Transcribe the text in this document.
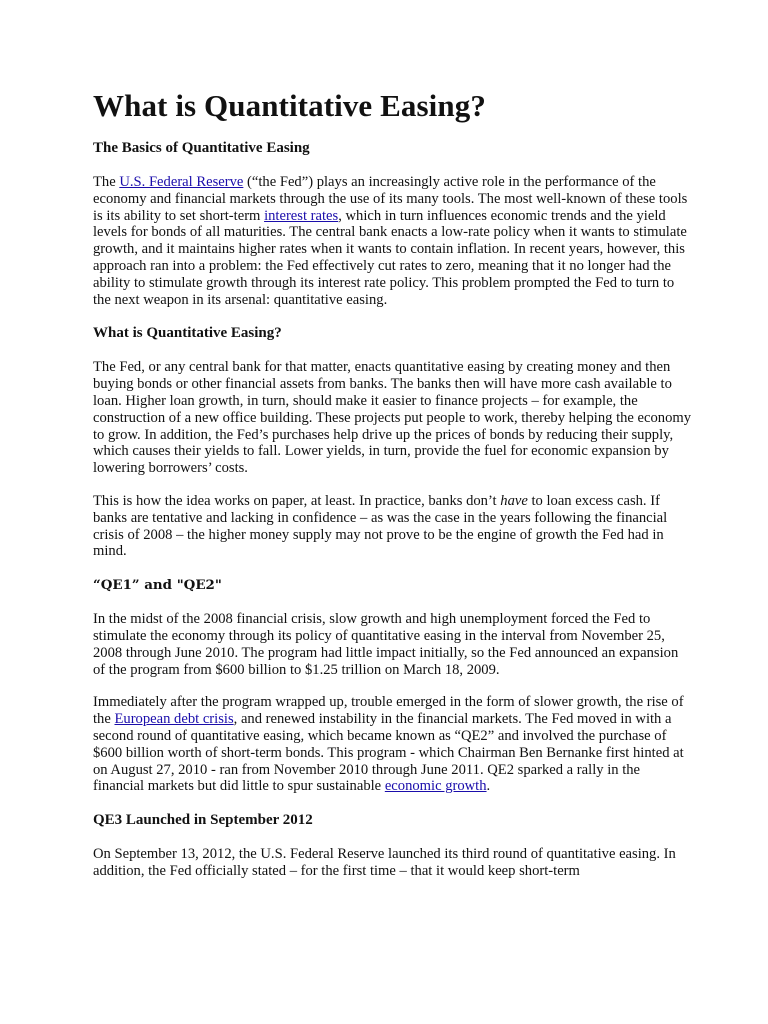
What is Quantitative Easing?
The Basics of Quantitative Easing

The U.S. Federal Reserve (“the Fed”) plays an increasingly active role in the performance of the economy and financial markets through the use of its many tools. The most well-known of these tools is its ability to set short-term interest rates, which in turn influences economic trends and the yield levels for bonds of all maturities. The central bank enacts a low-rate policy when it wants to stimulate growth, and it maintains higher rates when it wants to contain inflation. In recent years, however, this approach ran into a problem: the Fed effectively cut rates to zero, meaning that it no longer had the ability to stimulate growth through its interest rate policy. This problem prompted the Fed to turn to the next weapon in its arsenal: quantitative easing.

What is Quantitative Easing?

The Fed, or any central bank for that matter, enacts quantitative easing by creating money and then buying bonds or other financial assets from banks. The banks then will have more cash available to loan. Higher loan growth, in turn, should make it easier to finance projects – for example, the construction of a new office building. These projects put people to work, thereby helping the economy to grow. In addition, the Fed’s purchases help drive up the prices of bonds by reducing their supply, which causes their yields to fall. Lower yields, in turn, provide the fuel for economic expansion by lowering borrowers’ costs.

This is how the idea works on paper, at least. In practice, banks don’t have to loan excess cash. If banks are tentative and lacking in confidence – as was the case in the years following the financial crisis of 2008 – the higher money supply may not prove to be the engine of growth the Fed had in mind.

“QE1” and "QE2"

In the midst of the 2008 financial crisis, slow growth and high unemployment forced the Fed to stimulate the economy through its policy of quantitative easing in the interval from November 25, 2008 through June 2010. The program had little impact initially, so the Fed announced an expansion of the program from $600 billion to $1.25 trillion on March 18, 2009.

Immediately after the program wrapped up, trouble emerged in the form of slower growth, the rise of the European debt crisis, and renewed instability in the financial markets. The Fed moved in with a second round of quantitative easing, which became known as “QE2” and involved the purchase of $600 billion worth of short-term bonds. This program - which Chairman Ben Bernanke first hinted at on August 27, 2010 - ran from November 2010 through June 2011. QE2 sparked a rally in the financial markets but did little to spur sustainable economic growth.

QE3 Launched in September 2012

On September 13, 2012, the U.S. Federal Reserve launched its third round of quantitative easing. In addition, the Fed officially stated – for the first time – that it would keep short-term
